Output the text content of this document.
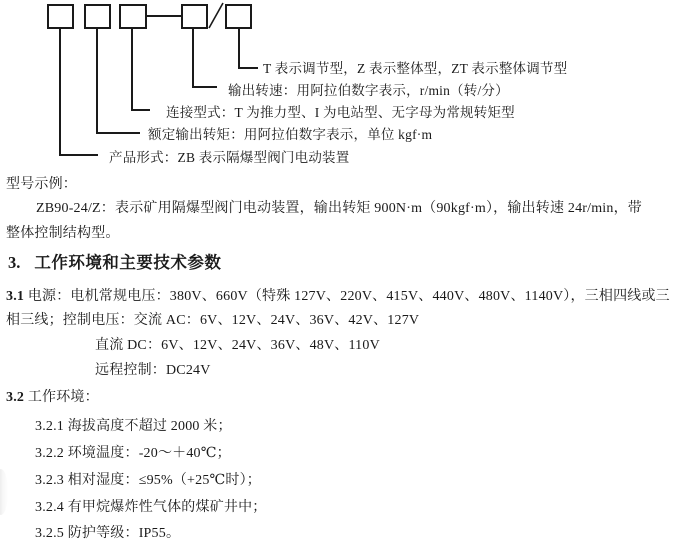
T 表示调节型，Z 表示整体型，ZT 表示整体调节型
输出转速：用阿拉伯数字表示，r/min（转/分）
连接型式：T 为推力型、I 为电站型、无字母为常规转矩型
额定输出转矩：用阿拉伯数字表示，单位 kgf·m
产品形式：ZB 表示隔爆型阀门电动装置
型号示例：
ZB90-24/Z：表示矿用隔爆型阀门电动装置，输出转矩 900N·m（90kgf·m），输出转速 24r/min，带
整体控制结构型。
3. 工作环境和主要技术参数
3.1 电源：电机常规电压：380V、660V（特殊 127V、220V、415V、440V、480V、1140V），三相四线或三
相三线；控制电压：交流 AC：6V、12V、24V、36V、42V、127V
直流 DC：6V、12V、24V、36V、48V、110V
远程控制：DC24V
3.2 工作环境：
3.2.1 海拔高度不超过 2000 米；
3.2.2 环境温度：-20～＋40℃；
3.2.3 相对湿度：≤95%（+25℃时）；
3.2.4 有甲烷爆炸性气体的煤矿井中；
3.2.5 防护等级：IP55。
